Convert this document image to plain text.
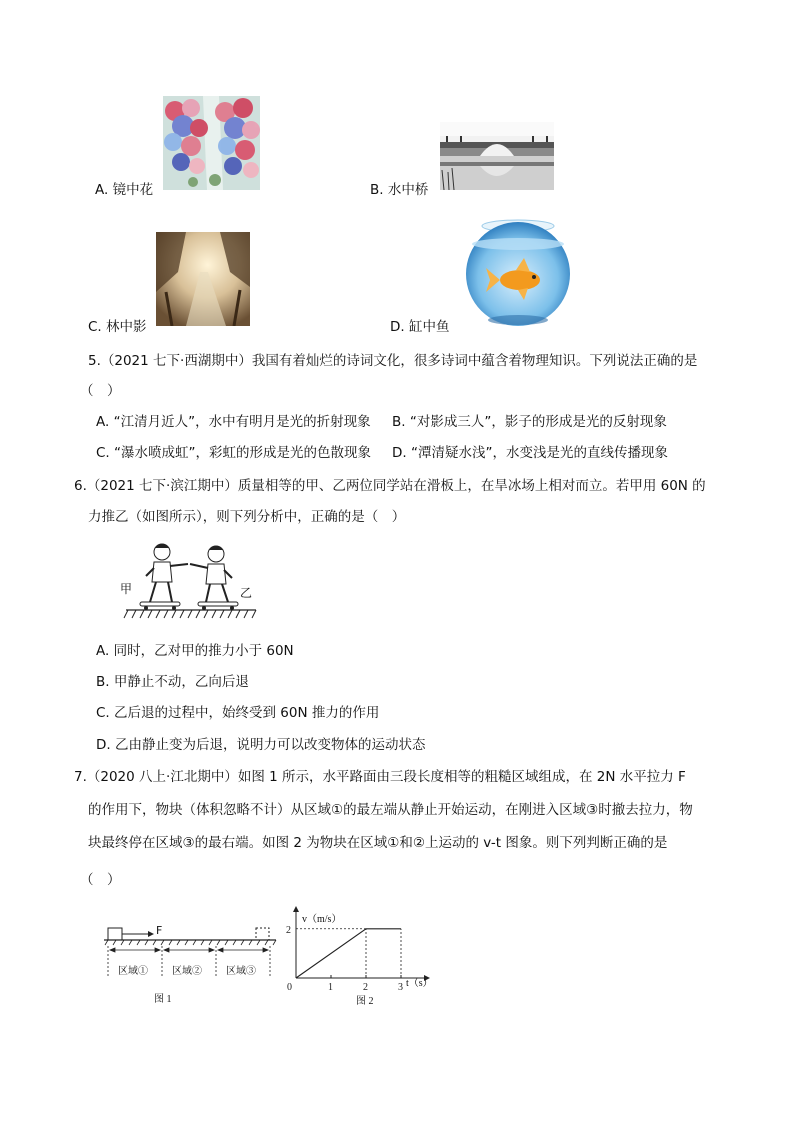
A. 镜中花	B. 水中桥
C. 林中影	D. 缸中鱼
5.（2021 七下·西湖期中）我国有着灿烂的诗词文化，很多诗词中蕴含着物理知识。下列说法正确的是
（　）
A. “江清月近人”，水中有明月是光的折射现象 B. “对影成三人”，影子的形成是光的反射现象
C. “瀑水喷成虹”，彩虹的形成是光的色散现象 D. “潭清疑水浅”，水变浅是光的直线传播现象
6.（2021 七下·滨江期中）质量相等的甲、乙两位同学站在滑板上，在旱冰场上相对而立。若甲用 60N 的
力推乙（如图所示），则下列分析中，正确的是（　）
甲	乙
A. 同时，乙对甲的推力小于 60N
B. 甲静止不动，乙向后退
C. 乙后退的过程中，始终受到 60N 推力的作用
D. 乙由静止变为后退，说明力可以改变物体的运动状态
7.（2020 八上·江北期中）如图 1 所示，水平路面由三段长度相等的粗糙区域组成，在 2N 水平拉力 F
的作用下，物块（体积忽略不计）从区域①的最左端从静止开始运动，在刚进入区域③时撤去拉力，物
块最终停在区域③的最右端。如图 2 为物块在区域①和②上运动的 v-t 图象。则下列判断正确的是
（　）
F
区域① 区域② 区域③
图 1
0	1	2	3
2
v（m/s）
t（s）
图 2
